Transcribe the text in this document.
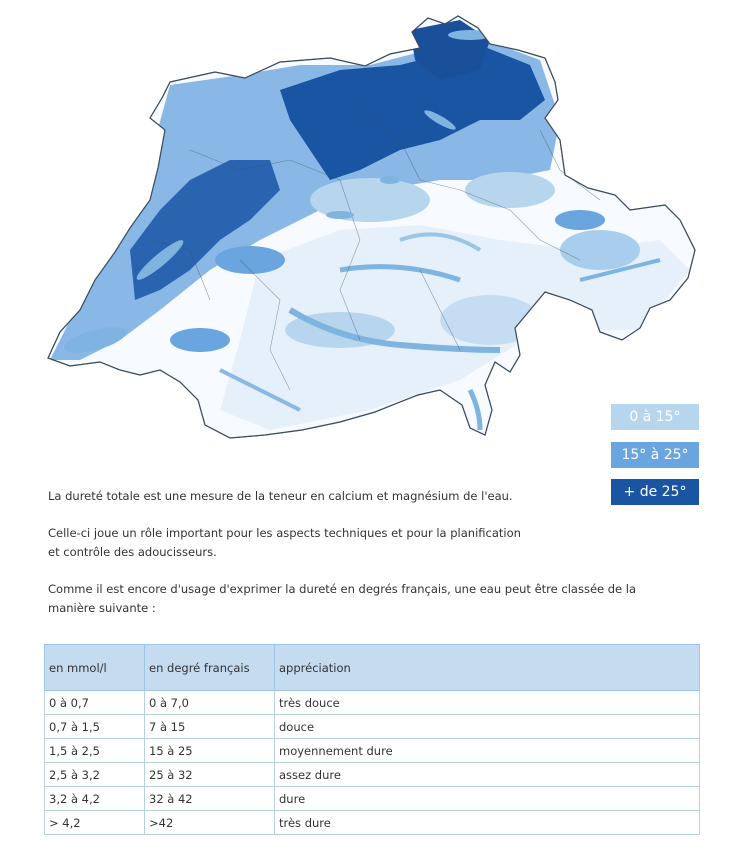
0 à 15°
15° à 25°
+ de 25°

La dureté totale est une mesure de la teneur en calcium et magnésium de l'eau.

Celle-ci joue un rôle important pour les aspects techniques et pour la planification
et contrôle des adoucisseurs.

Comme il est encore d'usage d'exprimer la dureté en degrés français, une eau peut être classée de la
manière suivante :

en mmol/l	en degré français	appréciation
0 à 0,7	0 à 7,0	très douce
0,7 à 1,5	7 à 15	douce
1,5 à 2,5	15 à 25	moyennement dure
2,5 à 3,2	25 à 32	assez dure
3,2 à 4,2	32 à 42	dure
> 4,2	>42	très dure
